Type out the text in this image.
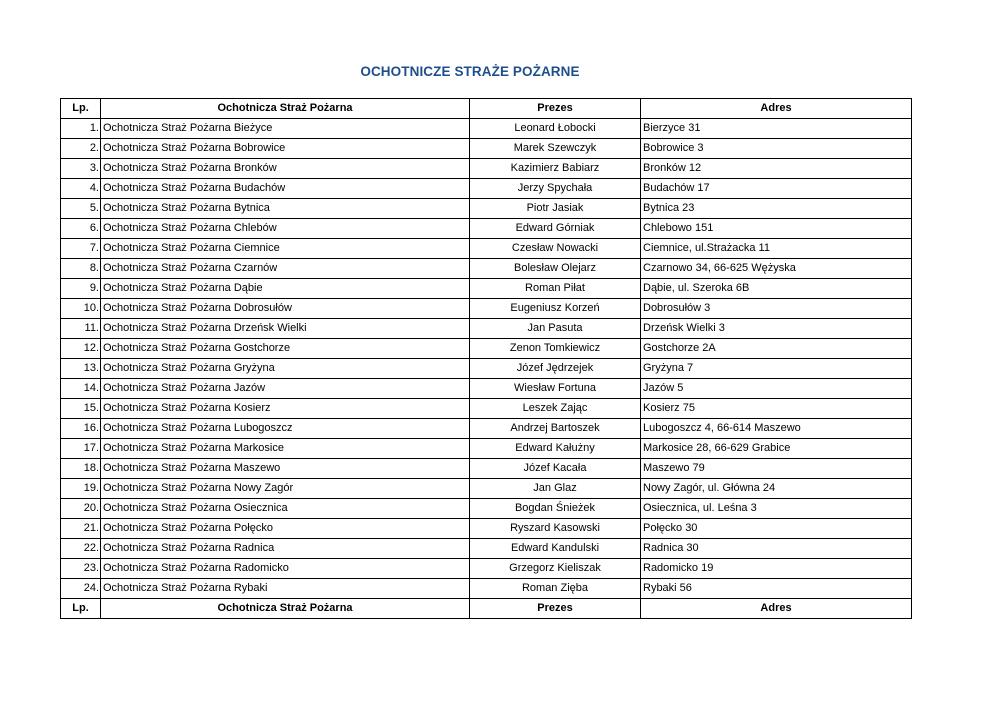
OCHOTNICZE STRAŻE POŻARNE
Lp.	Ochotnicza Straż Pożarna	Prezes	Adres
1.	Ochotnicza Straż Pożarna Bieżyce	Leonard Łobocki	Bierzyce 31
2.	Ochotnicza Straż Pożarna Bobrowice	Marek Szewczyk	Bobrowice 3
3.	Ochotnicza Straż Pożarna Bronków	Kazimierz Babiarz	Bronków 12
4.	Ochotnicza Straż Pożarna Budachów	Jerzy Spychała	Budachów 17
5.	Ochotnicza Straż Pożarna Bytnica	Piotr Jasiak	Bytnica 23
6.	Ochotnicza Straż Pożarna Chlebów	Edward Górniak	Chlebowo 151
7.	Ochotnicza Straż Pożarna Ciemnice	Czesław Nowacki	Ciemnice, ul.Strażacka 11
8.	Ochotnicza Straż Pożarna Czarnów	Bolesław Olejarz	Czarnowo 34, 66-625 Wężyska
9.	Ochotnicza Straż Pożarna Dąbie	Roman Piłat	Dąbie, ul. Szeroka 6B
10.	Ochotnicza Straż Pożarna Dobrosułów	Eugeniusz Korzeń	Dobrosułów 3
11.	Ochotnicza Straż Pożarna Drzeńsk Wielki	Jan Pasuta	Drzeńsk Wielki 3
12.	Ochotnicza Straż Pożarna Gostchorze	Zenon Tomkiewicz	Gostchorze 2A
13.	Ochotnicza Straż Pożarna Gryżyna	Józef Jędrzejek	Gryżyna 7
14.	Ochotnicza Straż Pożarna Jazów	Wiesław Fortuna	Jazów 5
15.	Ochotnicza Straż Pożarna Kosierz	Leszek Zając	Kosierz 75
16.	Ochotnicza Straż Pożarna Lubogoszcz	Andrzej Bartoszek	Lubogoszcz 4, 66-614 Maszewo
17.	Ochotnicza Straż Pożarna Markosice	Edward Kałużny	Markosice 28, 66-629 Grabice
18.	Ochotnicza Straż Pożarna Maszewo	Józef Kacała	Maszewo 79
19.	Ochotnicza Straż Pożarna Nowy Zagór	Jan Glaz	Nowy Zagór, ul. Główna 24
20.	Ochotnicza Straż Pożarna Osiecznica	Bogdan Śnieżek	Osiecznica, ul. Leśna 3
21.	Ochotnicza Straż Pożarna Połęcko	Ryszard Kasowski	Połęcko 30
22.	Ochotnicza Straż Pożarna Radnica	Edward Kandulski	Radnica 30
23.	Ochotnicza Straż Pożarna Radomicko	Grzegorz Kieliszak	Radomicko 19
24.	Ochotnicza Straż Pożarna Rybaki	Roman Zięba	Rybaki 56
Lp.	Ochotnicza Straż Pożarna	Prezes	Adres
